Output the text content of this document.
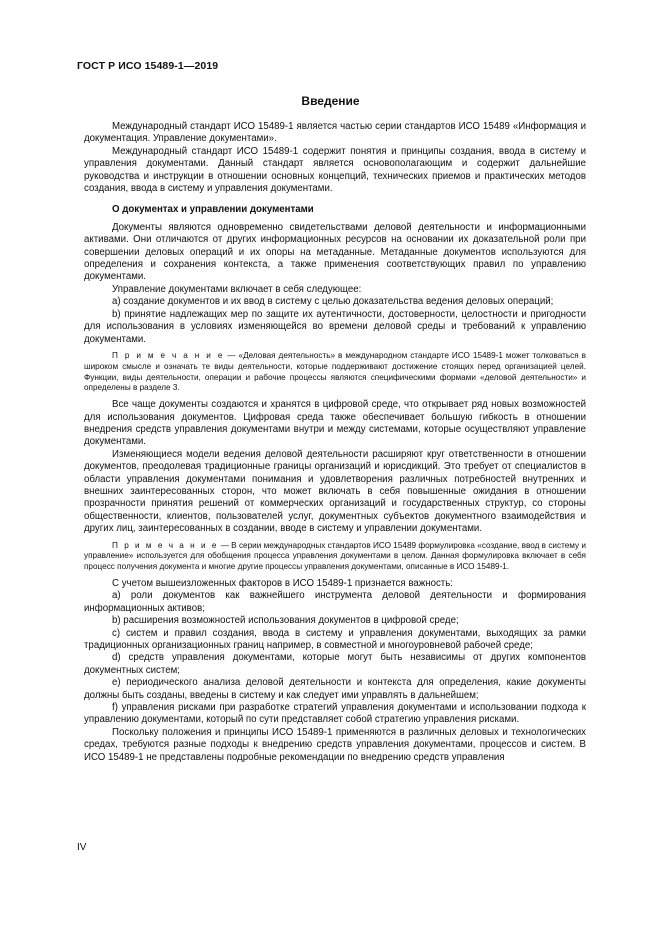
ГОСТ Р ИСО 15489-1—2019
Введение

Международный стандарт ИСО 15489-1 является частью серии стандартов ИСО 15489 «Информация и документация. Управление документами».

Международный стандарт ИСО 15489-1 содержит понятия и принципы создания, ввода в систему и управления документами. Данный стандарт является основополагающим и содержит дальнейшие руководства и инструкции в отношении основных концепций, технических приемов и практических методов создания, ввода в систему и управления документами.

О документах и управлении документами

Документы являются одновременно свидетельствами деловой деятельности и информационными активами. Они отличаются от других информационных ресурсов на основании их доказательной роли при совершении деловых операций и их опоры на метаданные. Метаданные документов используются для определения и сохранения контекста, а также применения соответствующих правил по управлению документами.

Управление документами включает в себя следующее:

a) создание документов и их ввод в систему с целью доказательства ведения деловых операций;

b) принятие надлежащих мер по защите их аутентичности, достоверности, целостности и пригодности для использования в условиях изменяющейся во времени деловой среды и требований к управлению документами.

П р и м е ч а н и е — «Деловая деятельность» в международном стандарте ИСО 15489-1 может толковаться в широком смысле и означать те виды деятельности, которые поддерживают достижение стоящих перед организацией целей. Функции, виды деятельности, операции и рабочие процессы являются специфическими формами «деловой деятельности» и определены в разделе 3.

Все чаще документы создаются и хранятся в цифровой среде, что открывает ряд новых возможностей для использования документов. Цифровая среда также обеспечивает большую гибкость в отношении внедрения средств управления документами внутри и между системами, которые осуществляют управление документами.

Изменяющиеся модели ведения деловой деятельности расширяют круг ответственности в отношении документов, преодолевая традиционные границы организаций и юрисдикций. Это требует от специалистов в области управления документами понимания и удовлетворения различных потребностей внутренних и внешних заинтересованных сторон, что может включать в себя повышенные ожидания в отношении прозрачности принятия решений от коммерческих организаций и государственных структур, со стороны общественности, клиентов, пользователей услуг, документных субъектов документного взаимодействия и других лиц, заинтересованных в создании, вводе в систему и управлении документами.

П р и м е ч а н и е — В серии международных стандартов ИСО 15489 формулировка «создание, ввод в систему и управление» используется для обобщения процесса управления документами в целом. Данная формулировка включает в себя процесс получения документа и многие другие процессы управления документами, описанные в ИСО 15489-1.

С учетом вышеизложенных факторов в ИСО 15489-1 признается важность:

a) роли документов как важнейшего инструмента деловой деятельности и формирования информационных активов;

b) расширения возможностей использования документов в цифровой среде;

c) систем и правил создания, ввода в систему и управления документами, выходящих за рамки традиционных организационных границ например, в совместной и многоуровневой рабочей среде;

d) средств управления документами, которые могут быть независимы от других компонентов документных систем;

e) периодического анализа деловой деятельности и контекста для определения, какие документы должны быть созданы, введены в систему и как следует ими управлять в дальнейшем;

f) управления рисками при разработке стратегий управления документами и использовании подхода к управлению документами, который по сути представляет собой стратегию управления рисками.

Поскольку положения и принципы ИСО 15489-1 применяются в различных деловых и технологических средах, требуются разные подходы к внедрению средств управления документами, процессов и систем. В ИСО 15489-1 не представлены подробные рекомендации по внедрению средств управления

IV
